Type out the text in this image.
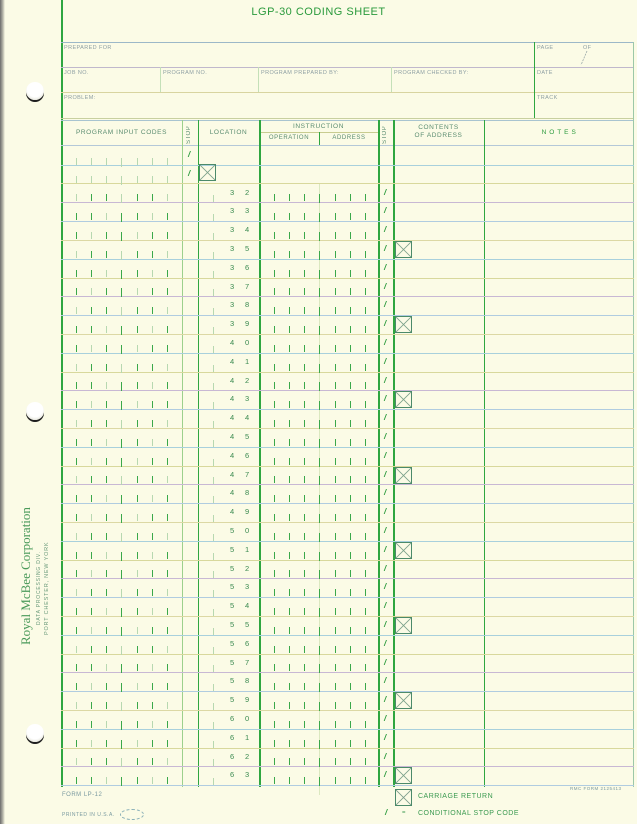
LGP-30 CODING SHEET
PREPARED FOR	PAGE	OF
JOB NO.	PROGRAM NO.	PROGRAM PREPARED BY:	PROGRAM CHECKED BY:	DATE
PROBLEM:	TRACK
PROGRAM INPUT CODES	STOP	LOCATION
INSTRUCTION
OPERATION	ADDRESS	STOP	CONTENTS
OF ADDRESS	N O T E S
/
/
3 2	/
3 3	/
3 4	/
3 5	/
3 6	/
3 7	/
3 8	/
3 9	/
4 0	/
4 1	/
4 2	/
4 3	/
4 4	/
4 5	/
4 6	/
4 7	/
4 8	/
4 9	/
5 0	/
5 1	/
5 2	/
5 3	/
5 4	/
5 5	/
5 6	/
5 7	/
5 8	/
5 9	/
6 0	/
6 1	/
6 2	/
6 3	/
Royal McBee Corporation DATA PROCESSING DIV. PORT CHESTER, NEW YORK
FORM LP-12
PRINTED IN U.S.A.
RMC FORM 2125413
CARRIAGE RETURN
/ = CONDITIONAL STOP CODE
